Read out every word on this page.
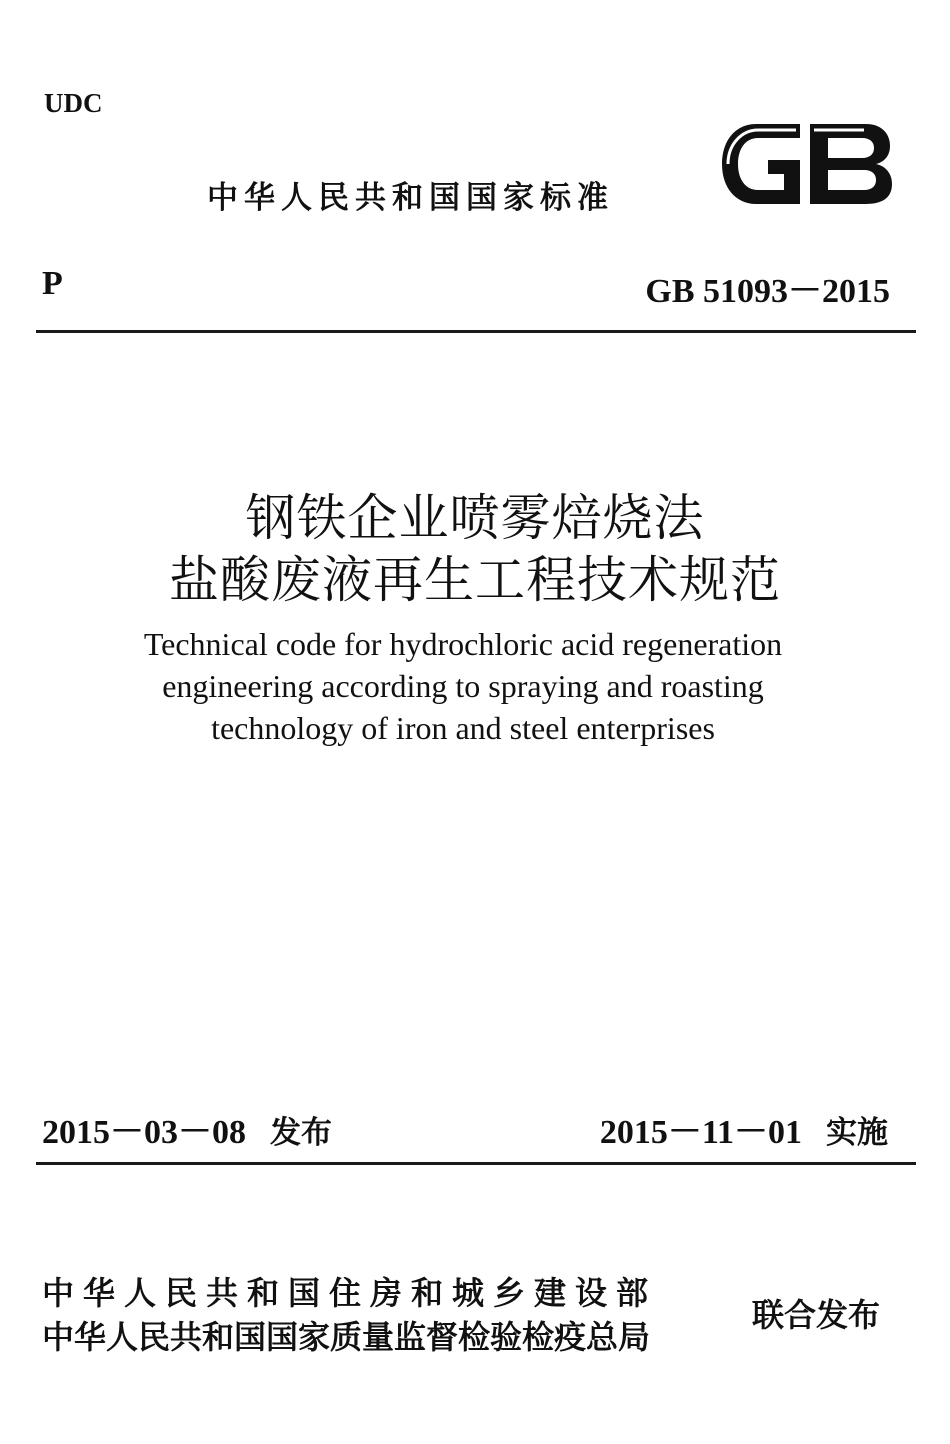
UDC
中华人民共和国国家标准
P	GB 51093－2015
钢铁企业喷雾焙烧法
盐酸废液再生工程技术规范
Technical code for hydrochloric acid regeneration
engineering according to spraying and roasting
technology of iron and steel enterprises
2015－03－08 发布	2015－11－01 实施
中华人民共和国住房和城乡建设部
中华人民共和国国家质量监督检验检疫总局
联合发布
